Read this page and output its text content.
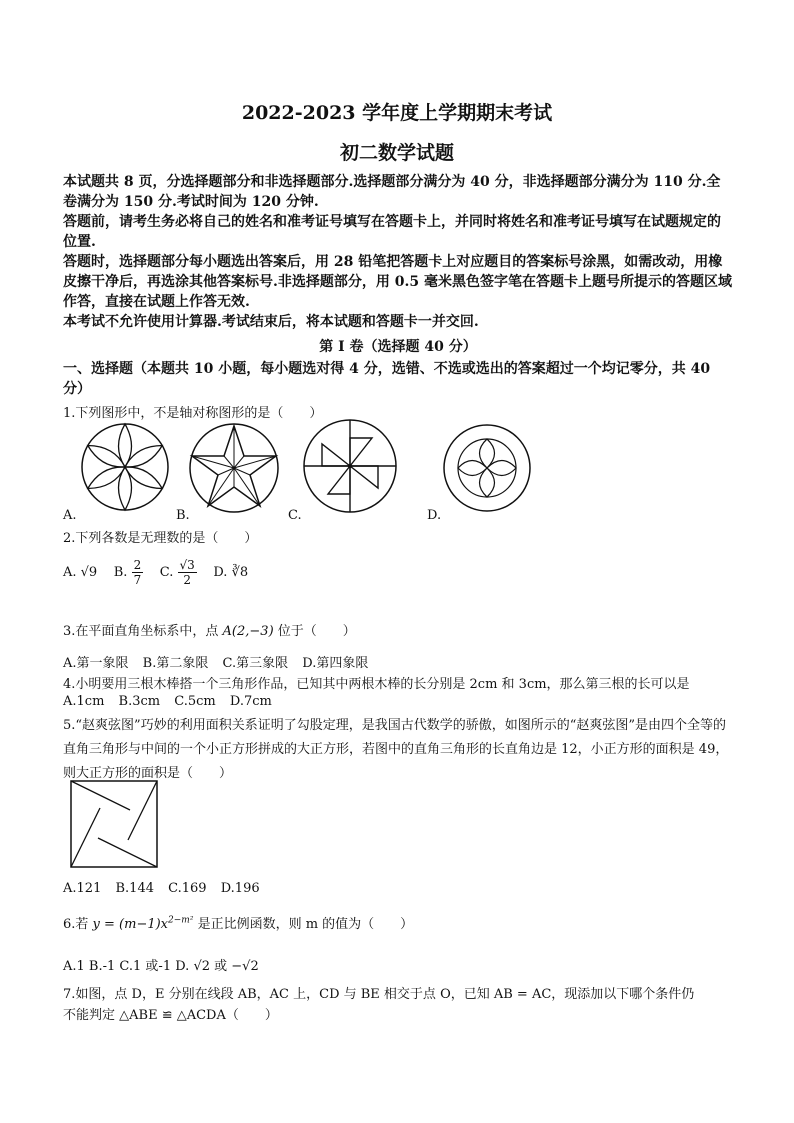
2022-2023 学年度上学期期末考试
初二数学试题
本试题共 8 页，分选择题部分和非选择题部分.选择题部分满分为 40 分，非选择题部分满分为 110 分.全卷满分为 150 分.考试时间为 120 分钟.
答题前，请考生务必将自己的姓名和准考证号填写在答题卡上，并同时将姓名和准考证号填写在试题规定的位置.
答题时，选择题部分每小题选出答案后，用 28 铅笔把答题卡上对应题目的答案标号涂黑，如需改动，用橡皮擦干净后，再选涂其他答案标号.非选择题部分，用 0.5 毫米黑色签字笔在答题卡上题号所提示的答题区域作答，直接在试题上作答无效.
本考试不允许使用计算器.考试结束后，将本试题和答题卡一并交回.
第 I 卷（选择题 40 分）
一、选择题（本题共 10 小题，每小题选对得 4 分，选错、不选或选出的答案超过一个均记零分，共 40 分）
1.下列图形中，不是轴对称图形的是（　　）
A.	B.	C.	D.
2.下列各数是无理数的是（　　）
A. √9 B. $\frac{2}{7} C$. $\frac{√3}{2} D$. ∛8
3.在平面直角坐标系中，点 A(2,−3) 位于（　　）
A.第一象限 B.第二象限 C.第三象限 D.第四象限
4.小明要用三根木棒搭一个三角形作品，已知其中两根木棒的长分别是 2cm 和 3cm，那么第三根的长可以是
A.1cm B.3cm C.5cm D.7cm
5.“赵爽弦图”巧妙的利用面积关系证明了勾股定理，是我国古代数学的骄傲，如图所示的“赵爽弦图”是由四个全等的直角三角形与中间的一个小正方形拼成的大正方形，若图中的直角三角形的长直角边是 12，小正方形的面积是 49，则大正方形的面积是（　　）
A.121 B.144 C.169 D.196
6.若 $y = (m-1)x^{2-m^2}$ 是正比例函数，则 m 的值为（　　）
A.1 B.-1 C.1 或-1 D. √2 或 −√2
7.如图，点 D，E 分别在线段 AB，AC 上，CD 与 BE 相交于点 O，已知 AB = AC，现添加以下哪个条件仍
不能判定 △ABE ≌ △ACDA（　　）
